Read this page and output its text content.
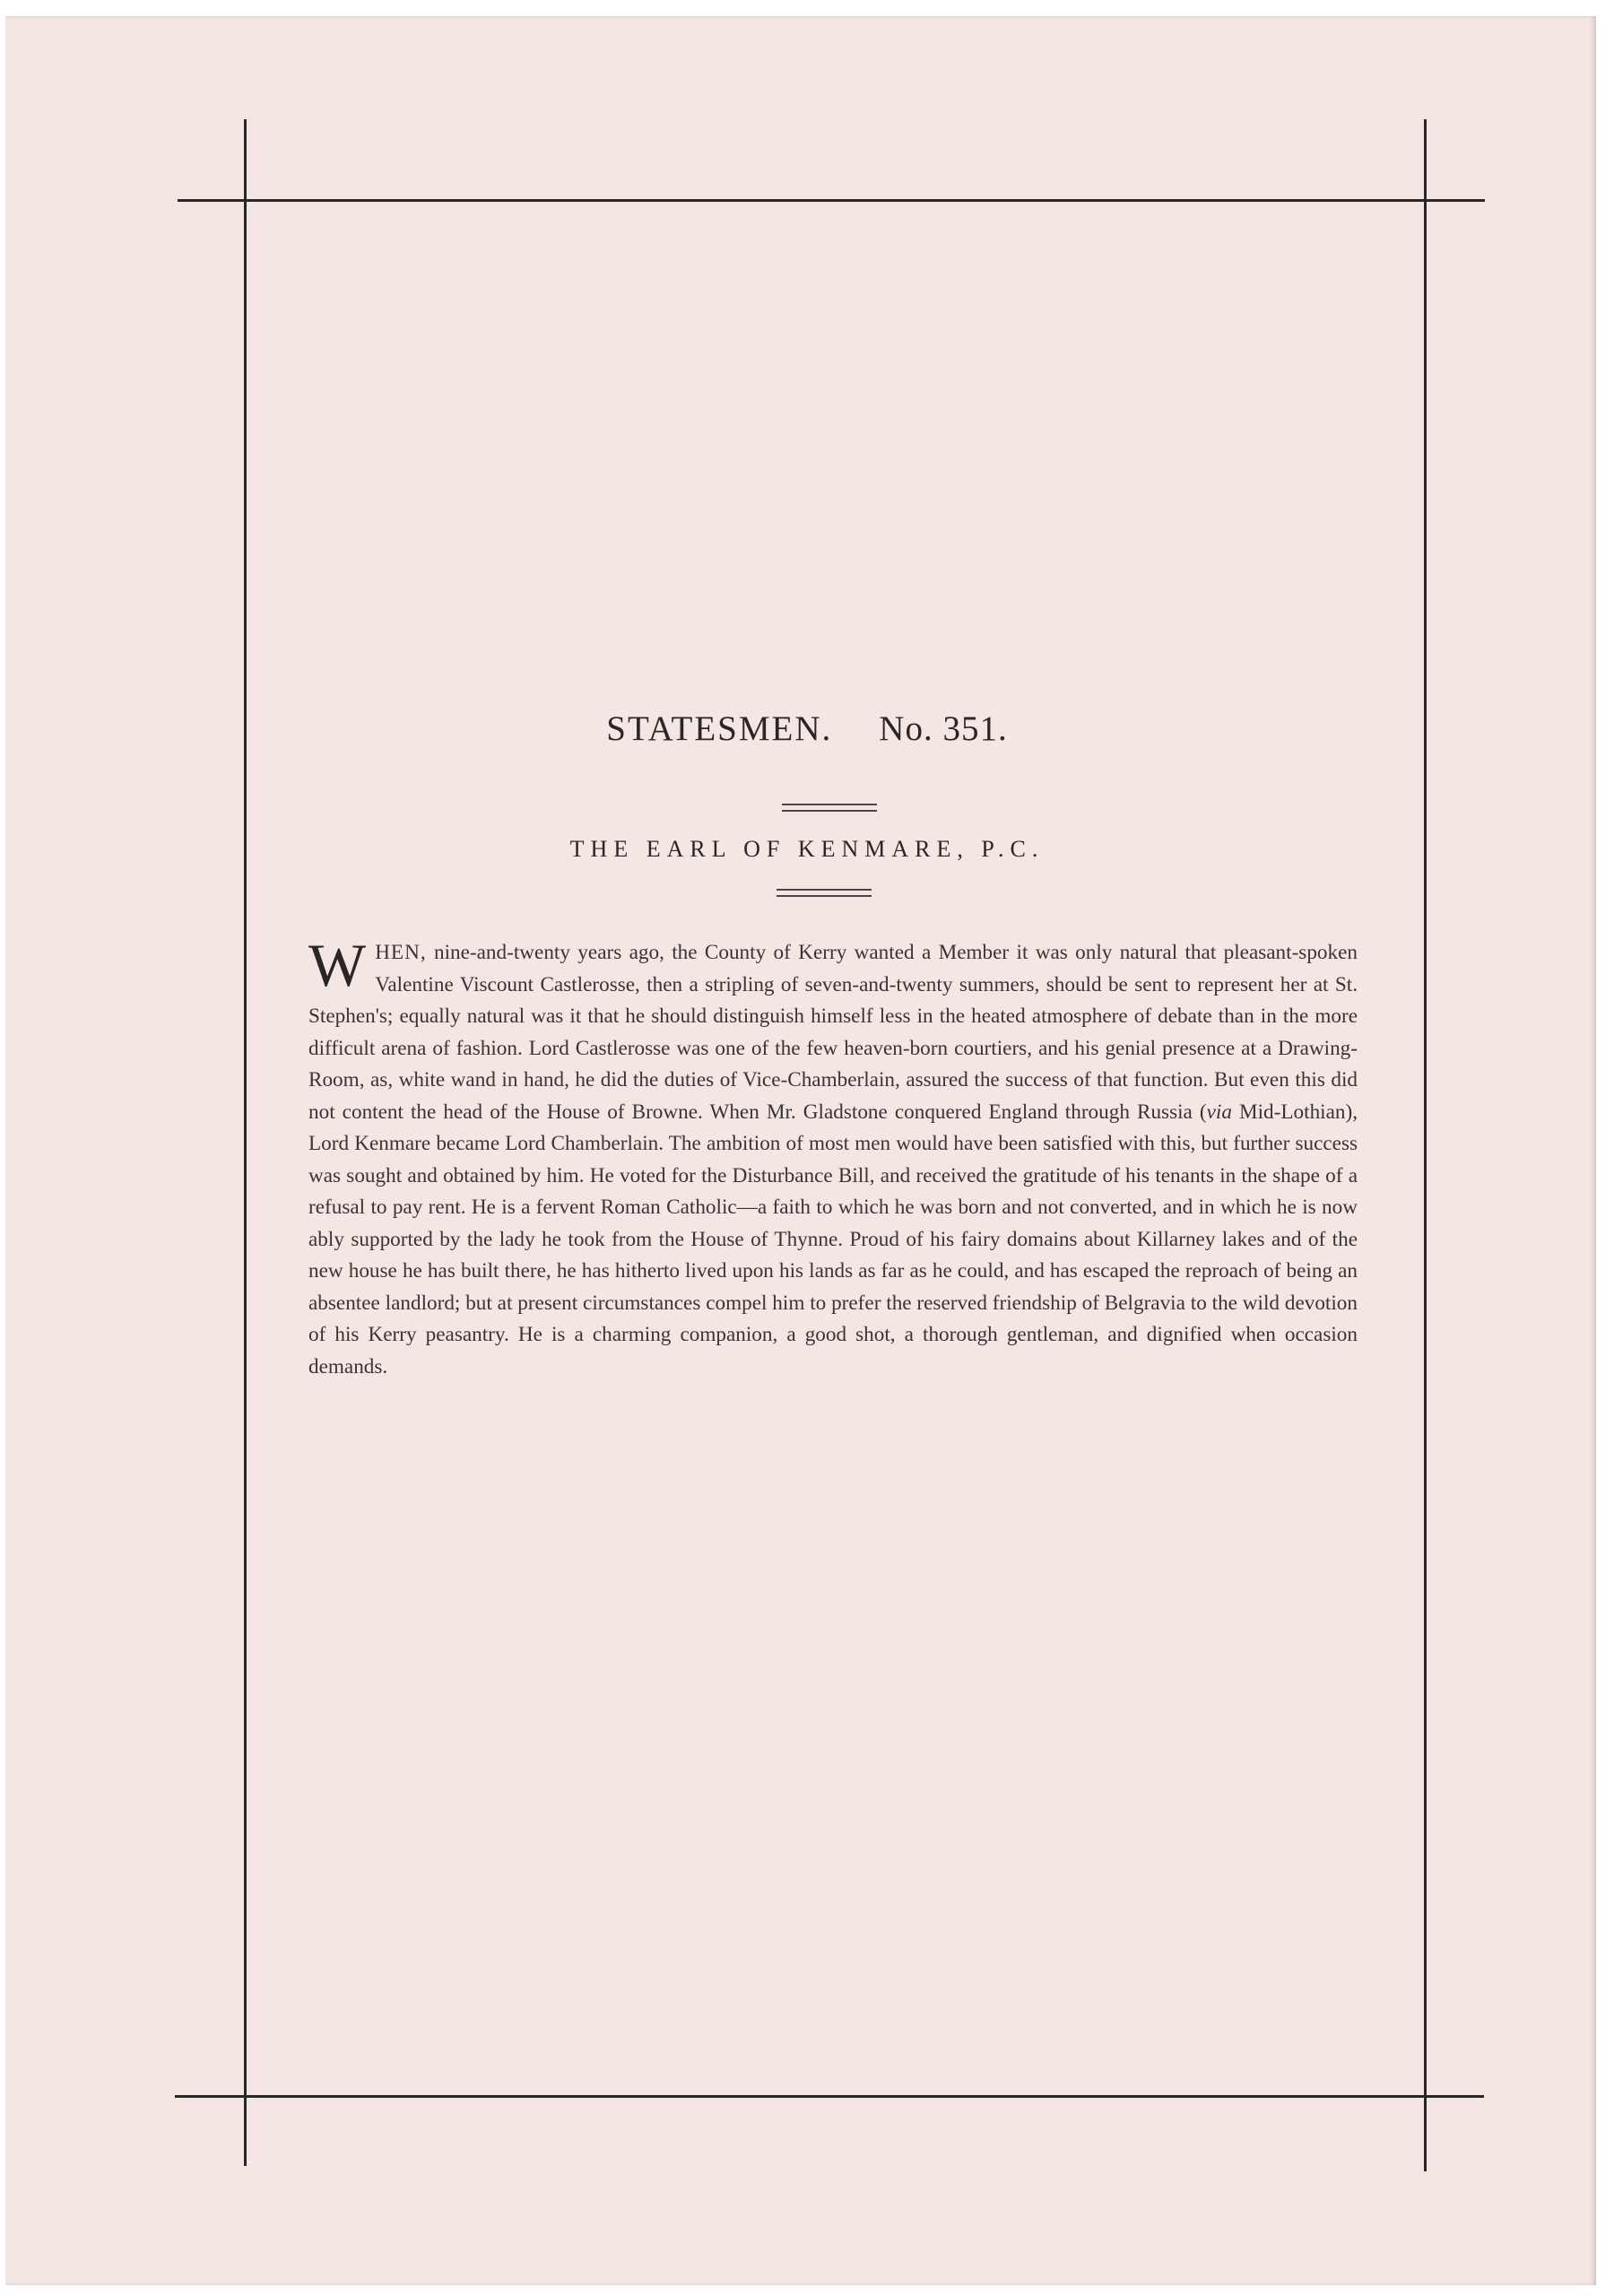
STATESMEN. No. 351.
THE EARL OF KENMARE, P.C.
WHEN, nine-and-twenty years ago, the County of Kerry wanted a Member it was only natural that pleasant-spoken Valentine Viscount Castlerosse, then a stripling of seven-and-twenty summers, should be sent to represent her at St. Stephen's; equally natural was it that he should distinguish himself less in the heated atmosphere of debate than in the more difficult arena of fashion. Lord Castlerosse was one of the few heaven-born courtiers, and his genial presence at a Drawing-Room, as, white wand in hand, he did the duties of Vice-Chamberlain, assured the success of that function. But even this did not content the head of the House of Browne. When Mr. Gladstone conquered England through Russia (via Mid-Lothian), Lord Kenmare became Lord Chamberlain. The ambition of most men would have been satisfied with this, but further success was sought and obtained by him. He voted for the Disturbance Bill, and received the gratitude of his tenants in the shape of a refusal to pay rent. He is a fervent Roman Catholic—a faith to which he was born and not converted, and in which he is now ably supported by the lady he took from the House of Thynne. Proud of his fairy domains about Killarney lakes and of the new house he has built there, he has hitherto lived upon his lands as far as he could, and has escaped the reproach of being an absentee landlord; but at present circumstances compel him to prefer the reserved friendship of Belgravia to the wild devotion of his Kerry peasantry. He is a charming companion, a good shot, a thorough gentleman, and dignified when occasion demands.
